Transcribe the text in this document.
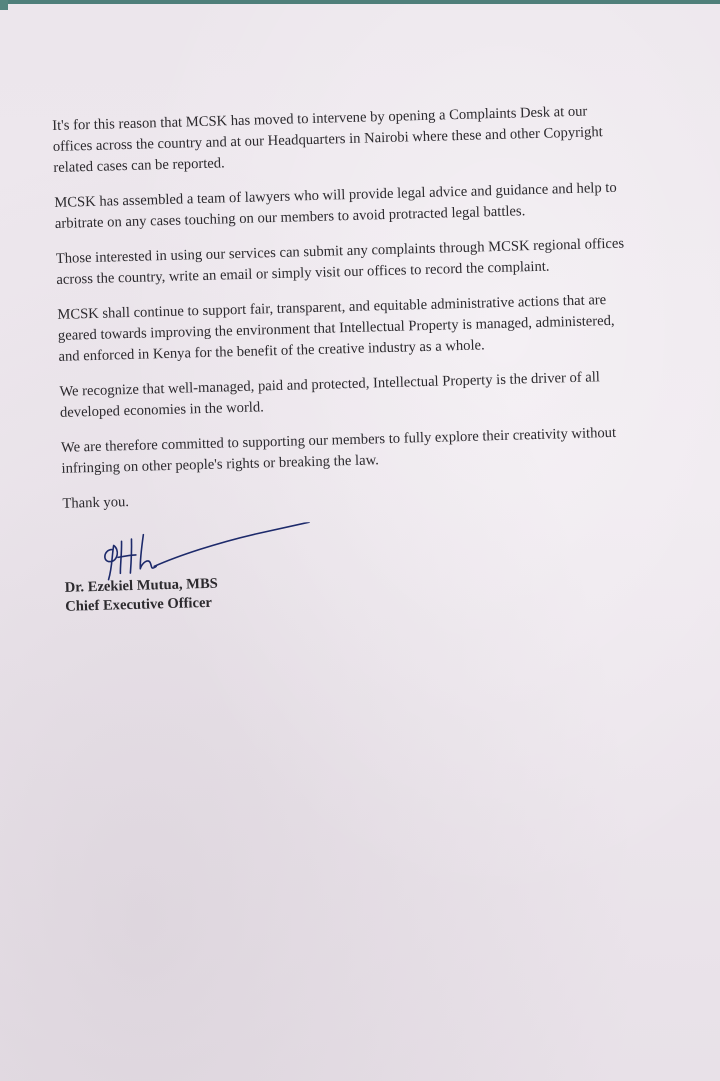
It's for this reason that MCSK has moved to intervene by opening a Complaints Desk at our offices across the country and at our Headquarters in Nairobi where these and other Copyright related cases can be reported.

MCSK has assembled a team of lawyers who will provide legal advice and guidance and help to arbitrate on any cases touching on our members to avoid protracted legal battles.

Those interested in using our services can submit any complaints through MCSK regional offices across the country, write an email or simply visit our offices to record the complaint.

MCSK shall continue to support fair, transparent, and equitable administrative actions that are geared towards improving the environment that Intellectual Property is managed, administered, and enforced in Kenya for the benefit of the creative industry as a whole.

We recognize that well-managed, paid and protected, Intellectual Property is the driver of all developed economies in the world.

We are therefore committed to supporting our members to fully explore their creativity without infringing on other people's rights or breaking the law.

Thank you.

Dr. Ezekiel Mutua, MBS

Chief Executive Officer
